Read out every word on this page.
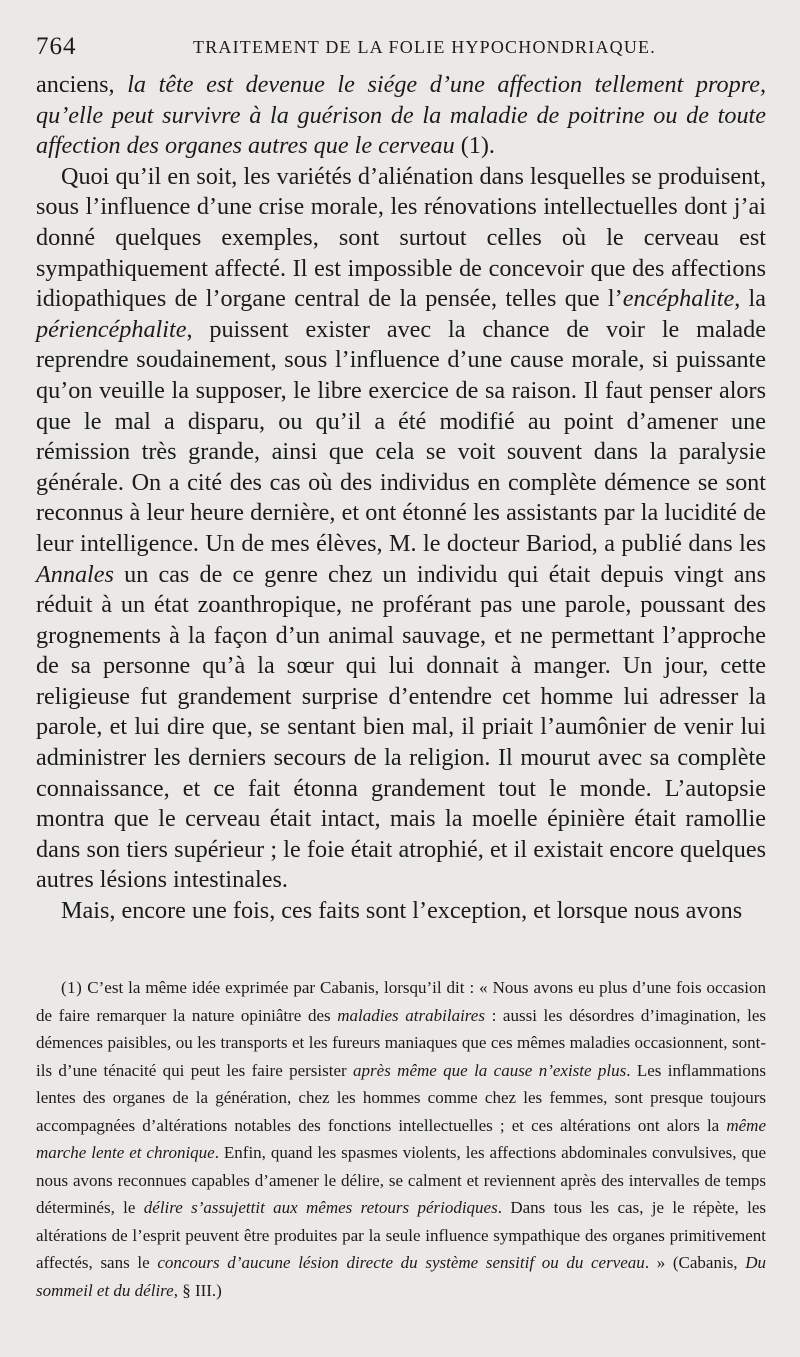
764	TRAITEMENT DE LA FOLIE HYPOCHONDRIAQUE.

anciens, la tête est devenue le siége d’une affection tellement propre, qu’elle peut survivre à la guérison de la maladie de poitrine ou de toute affection des organes autres que le cerveau (1).

Quoi qu’il en soit, les variétés d’aliénation dans lesquelles se produisent, sous l’influence d’une crise morale, les rénovations intellectuelles dont j’ai donné quelques exemples, sont surtout celles où le cerveau est sympathiquement affecté. Il est impossible de concevoir que des affections idiopathiques de l’organe central de la pensée, telles que l’encéphalite, la périencéphalite, puissent exister avec la chance de voir le malade reprendre soudainement, sous l’influence d’une cause morale, si puissante qu’on veuille la supposer, le libre exercice de sa raison. Il faut penser alors que le mal a disparu, ou qu’il a été modifié au point d’amener une rémission très grande, ainsi que cela se voit souvent dans la paralysie générale. On a cité des cas où des individus en complète démence se sont reconnus à leur heure dernière, et ont étonné les assistants par la lucidité de leur intelligence. Un de mes élèves, M. le docteur Bariod, a publié dans les Annales un cas de ce genre chez un individu qui était depuis vingt ans réduit à un état zoanthropique, ne proférant pas une parole, poussant des grognements à la façon d’un animal sauvage, et ne permettant l’approche de sa personne qu’à la sœur qui lui donnait à manger. Un jour, cette religieuse fut grandement surprise d’entendre cet homme lui adresser la parole, et lui dire que, se sentant bien mal, il priait l’aumônier de venir lui administrer les derniers secours de la religion. Il mourut avec sa complète connaissance, et ce fait étonna grandement tout le monde. L’autopsie montra que le cerveau était intact, mais la moelle épinière était ramollie dans son tiers supérieur ; le foie était atrophié, et il existait encore quelques autres lésions intestinales.

Mais, encore une fois, ces faits sont l’exception, et lorsque nous avons

(1) C’est la même idée exprimée par Cabanis, lorsqu’il dit : « Nous avons eu plus d’une fois occasion de faire remarquer la nature opiniâtre des maladies atrabilaires : aussi les désordres d’imagination, les démences paisibles, ou les transports et les fureurs maniaques que ces mêmes maladies occasionnent, sont-ils d’une ténacité qui peut les faire persister après même que la cause n’existe plus. Les inflammations lentes des organes de la génération, chez les hommes comme chez les femmes, sont presque toujours accompagnées d’altérations notables des fonctions intellectuelles ; et ces altérations ont alors la même marche lente et chronique. Enfin, quand les spasmes violents, les affections abdominales convulsives, que nous avons reconnues capables d’amener le délire, se calment et reviennent après des intervalles de temps déterminés, le délire s’assujettit aux mêmes retours périodiques. Dans tous les cas, je le répète, les altérations de l’esprit peuvent être produites par la seule influence sympathique des organes primitivement affectés, sans le concours d’aucune lésion directe du système sensitif ou du cerveau. » (Cabanis, Du sommeil et du délire, § III.)
